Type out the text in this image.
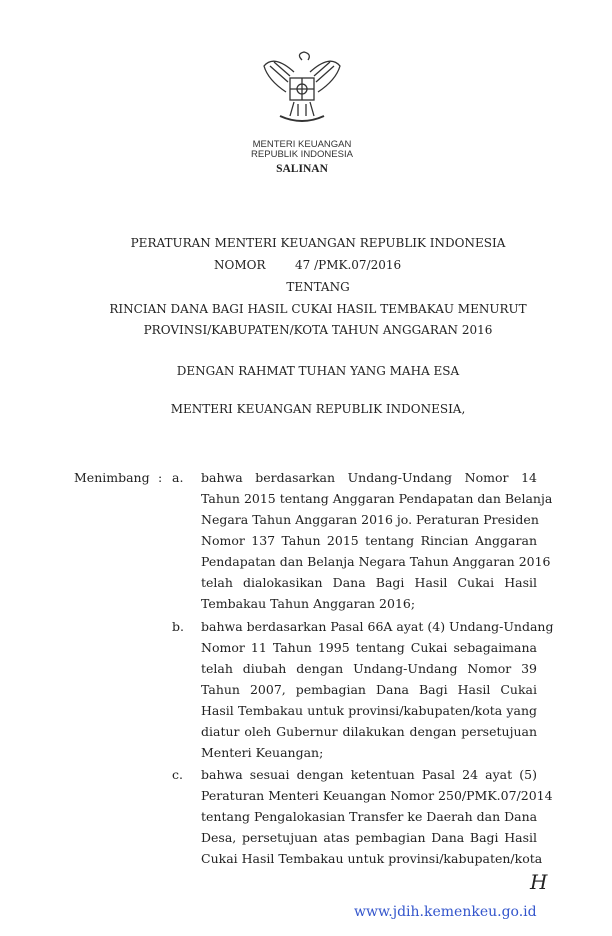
MENTERI KEUANGAN
REPUBLIK INDONESIA
SALINAN
PERATURAN MENTERI KEUANGAN REPUBLIK INDONESIA
NOMOR 47 /PMK.07/2016
TENTANG
RINCIAN DANA BAGI HASIL CUKAI HASIL TEMBAKAU MENURUT
PROVINSI/KABUPATEN/KOTA TAHUN ANGGARAN 2016
DENGAN RAHMAT TUHAN YANG MAHA ESA
MENTERI KEUANGAN REPUBLIK INDONESIA,
Menimbang : a. bahwa berdasarkan Undang-Undang Nomor 14
Tahun 2015 tentang Anggaran Pendapatan dan Belanja
Negara Tahun Anggaran 2016 jo. Peraturan Presiden
Nomor 137 Tahun 2015 tentang Rincian Anggaran
Pendapatan dan Belanja Negara Tahun Anggaran 2016
telah dialokasikan Dana Bagi Hasil Cukai Hasil
Tembakau Tahun Anggaran 2016;
b. bahwa berdasarkan Pasal 66A ayat (4) Undang-Undang
Nomor 11 Tahun 1995 tentang Cukai sebagaimana
telah diubah dengan Undang-Undang Nomor 39
Tahun 2007, pembagian Dana Bagi Hasil Cukai
Hasil Tembakau untuk provinsi/kabupaten/kota yang
diatur oleh Gubernur dilakukan dengan persetujuan
Menteri Keuangan;
c. bahwa sesuai dengan ketentuan Pasal 24 ayat (5)
Peraturan Menteri Keuangan Nomor 250/PMK.07/2014
tentang Pengalokasian Transfer ke Daerah dan Dana
Desa, persetujuan atas pembagian Dana Bagi Hasil
Cukai Hasil Tembakau untuk provinsi/kabupaten/kota
H
www.jdih.kemenkeu.go.id
